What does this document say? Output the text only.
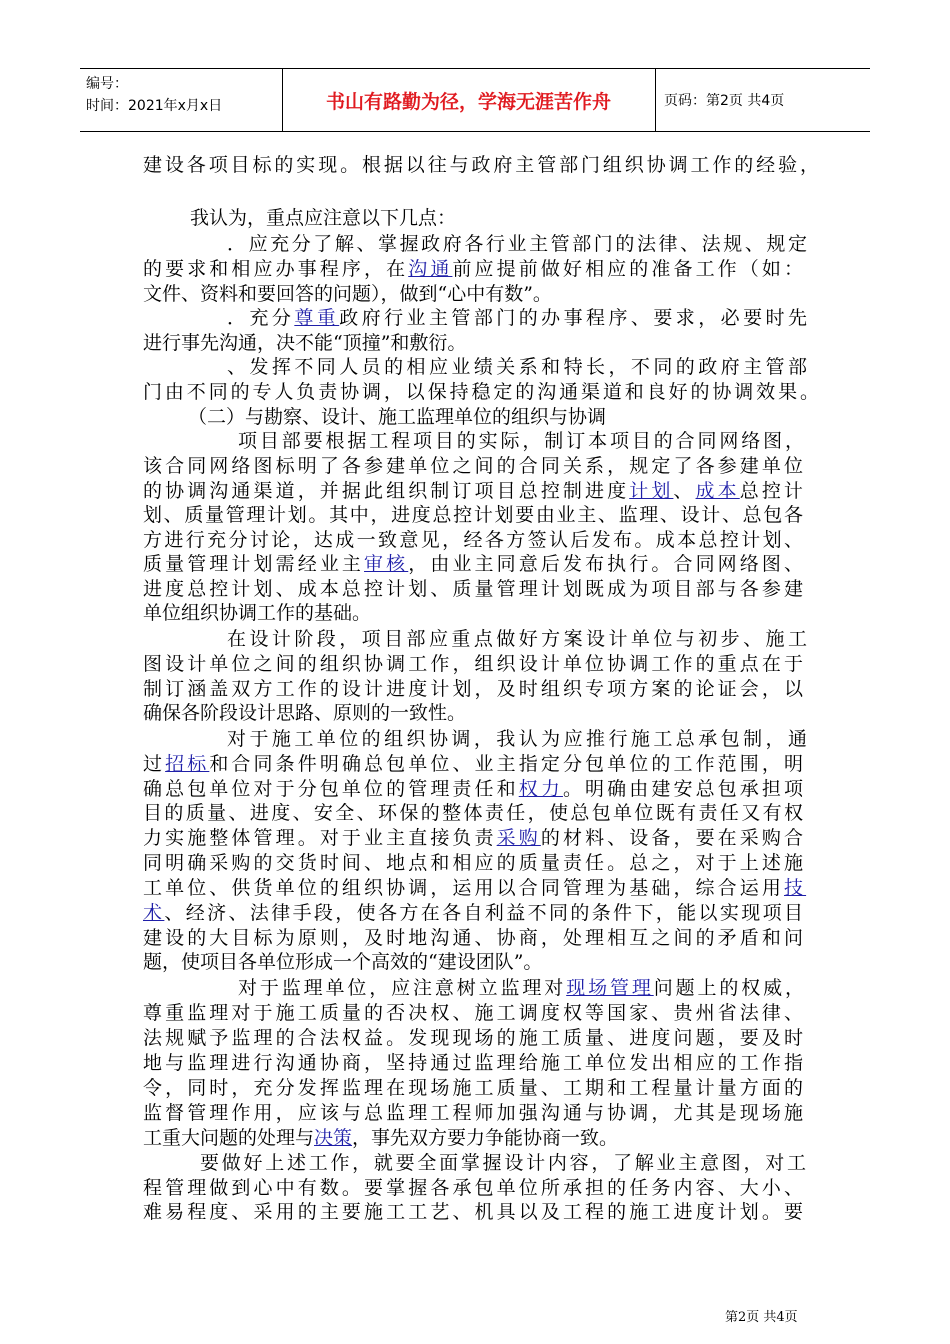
编号：
时间：2021年x月x日	书山有路勤为径，学海无涯苦作舟	页码：第2页 共4页
建设各项目标的实现。根据以往与政府主管部门组织协调工作的经验，
我认为，重点应注意以下几点：
．应充分了解、掌握政府各行业主管部门的法律、法规、规定
的要求和相应办事程序，在沟通前应提前做好相应的准备工作（如：
文件、资料和要回答的问题），做到“心中有数”。
．充分尊重政府行业主管部门的办事程序、要求，必要时先
进行事先沟通，决不能“顶撞”和敷衍。
、发挥不同人员的相应业绩关系和特长，不同的政府主管部
门由不同的专人负责协调，以保持稳定的沟通渠道和良好的协调效果。
（二）与勘察、设计、施工监理单位的组织与协调
项目部要根据工程项目的实际，制订本项目的合同网络图，
该合同网络图标明了各参建单位之间的合同关系，规定了各参建单位
的协调沟通渠道，并据此组织制订项目总控制进度计划、成本总控计
划、质量管理计划。其中，进度总控计划要由业主、监理、设计、总包各
方进行充分讨论，达成一致意见，经各方签认后发布。成本总控计划、
质量管理计划需经业主审核，由业主同意后发布执行。合同网络图、
进度总控计划、成本总控计划、质量管理计划既成为项目部与各参建
单位组织协调工作的基础。
在设计阶段，项目部应重点做好方案设计单位与初步、施工
图设计单位之间的组织协调工作，组织设计单位协调工作的重点在于
制订涵盖双方工作的设计进度计划，及时组织专项方案的论证会，以
确保各阶段设计思路、原则的一致性。
对于施工单位的组织协调，我认为应推行施工总承包制，通
过招标和合同条件明确总包单位、业主指定分包单位的工作范围，明
确总包单位对于分包单位的管理责任和权力。明确由建安总包承担项
目的质量、进度、安全、环保的整体责任，使总包单位既有责任又有权
力实施整体管理。对于业主直接负责采购的材料、设备，要在采购合
同明确采购的交货时间、地点和相应的质量责任。总之，对于上述施
工单位、供货单位的组织协调，运用以合同管理为基础，综合运用技
术、经济、法律手段，使各方在各自利益不同的条件下，能以实现项目
建设的大目标为原则，及时地沟通、协商，处理相互之间的矛盾和问
题，使项目各单位形成一个高效的“建设团队”。
对于监理单位，应注意树立监理对现场管理问题上的权威，
尊重监理对于施工质量的否决权、施工调度权等国家、贵州省法律、
法规赋予监理的合法权益。发现现场的施工质量、进度问题，要及时
地与监理进行沟通协商，坚持通过监理给施工单位发出相应的工作指
令，同时，充分发挥监理在现场施工质量、工期和工程量计量方面的
监督管理作用，应该与总监理工程师加强沟通与协调，尤其是现场施
工重大问题的处理与决策，事先双方要力争能协商一致。
要做好上述工作，就要全面掌握设计内容，了解业主意图，对工
程管理做到心中有数。要掌握各承包单位所承担的任务内容、大小、
难易程度、采用的主要施工工艺、机具以及工程的施工进度计划。要
第2页 共4页
